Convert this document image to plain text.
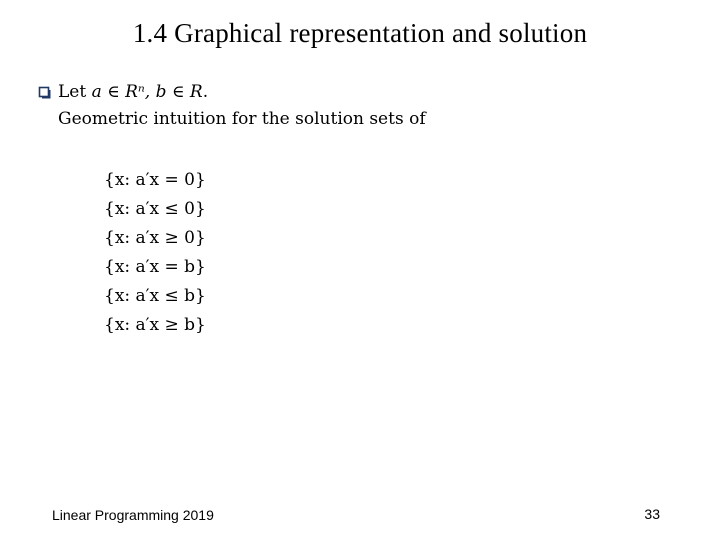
1.4 Graphical representation and solution
Let a ∈ Rⁿ, b ∈ R.
Geometric intuition for the solution sets of
{x: a′x = 0}
{x: a′x ≤ 0}
{x: a′x ≥ 0}
{x: a′x = b}
{x: a′x ≤ b}
{x: a′x ≥ b}
Linear Programming 2019	33
